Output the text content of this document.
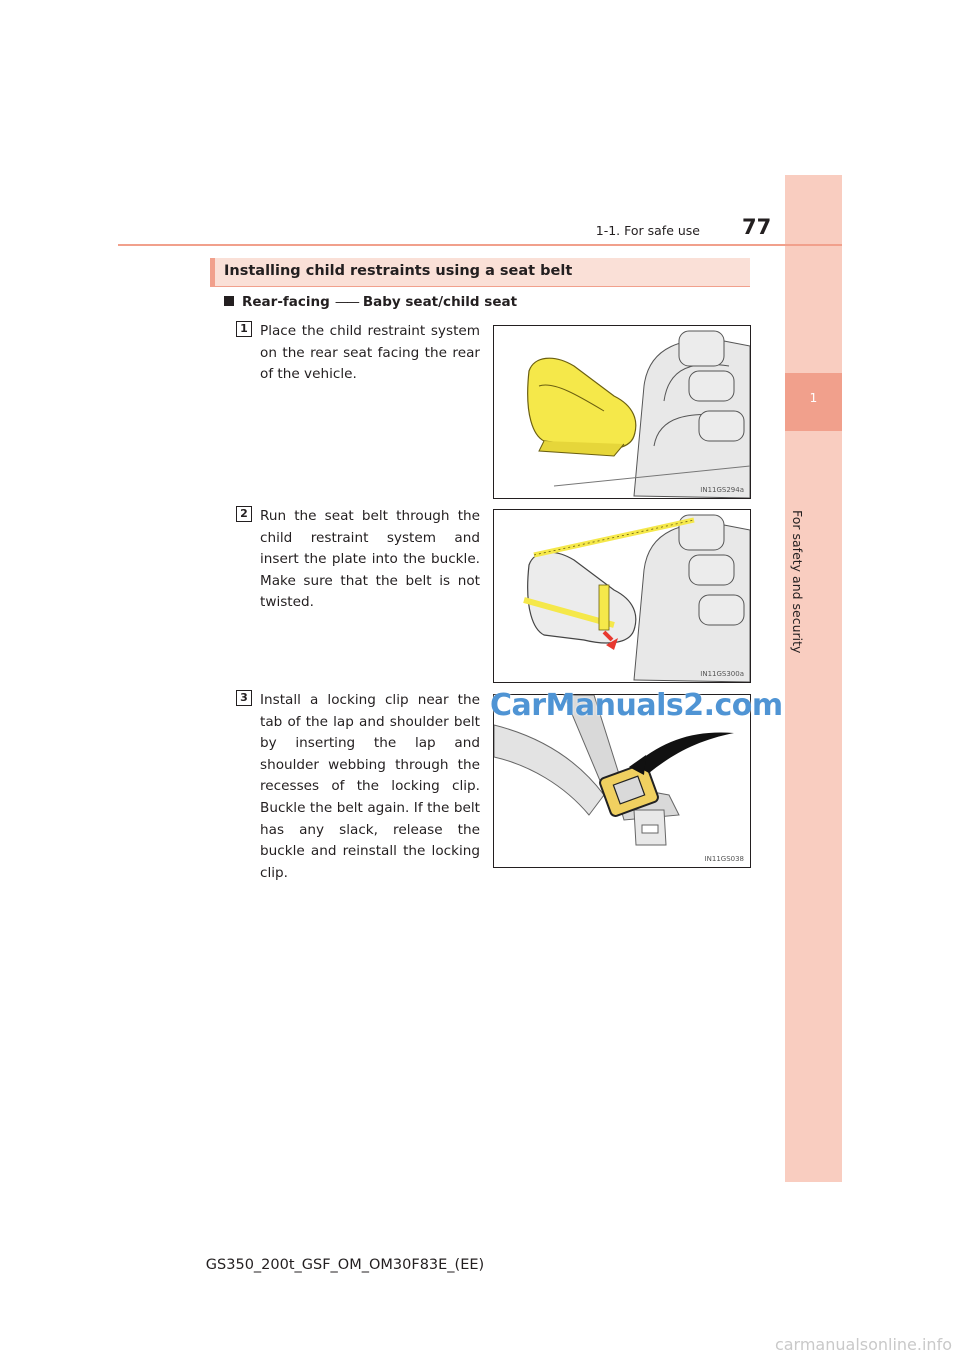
1
For safety and security
1-1. For safe use 77
Installing child restraints using a seat belt
Rear-facing —— Baby seat/child seat
1 Place the child restraint system on the rear seat facing the rear of the vehicle.
IN11GS294a
2 Run the seat belt through the child restraint system and insert the plate into the buckle. Make sure that the belt is not twisted.
IN11GS300a
3 Install a locking clip near the tab of the lap and shoulder belt by inserting the lap and shoulder webbing through the recesses of the locking clip. Buckle the belt again. If the belt has any slack, release the buckle and reinstall the locking clip.
IN11GS038
CarManuals2.com
GS350_200t_GSF_OM_OM30F83E_(EE)
carmanualsonline.info
